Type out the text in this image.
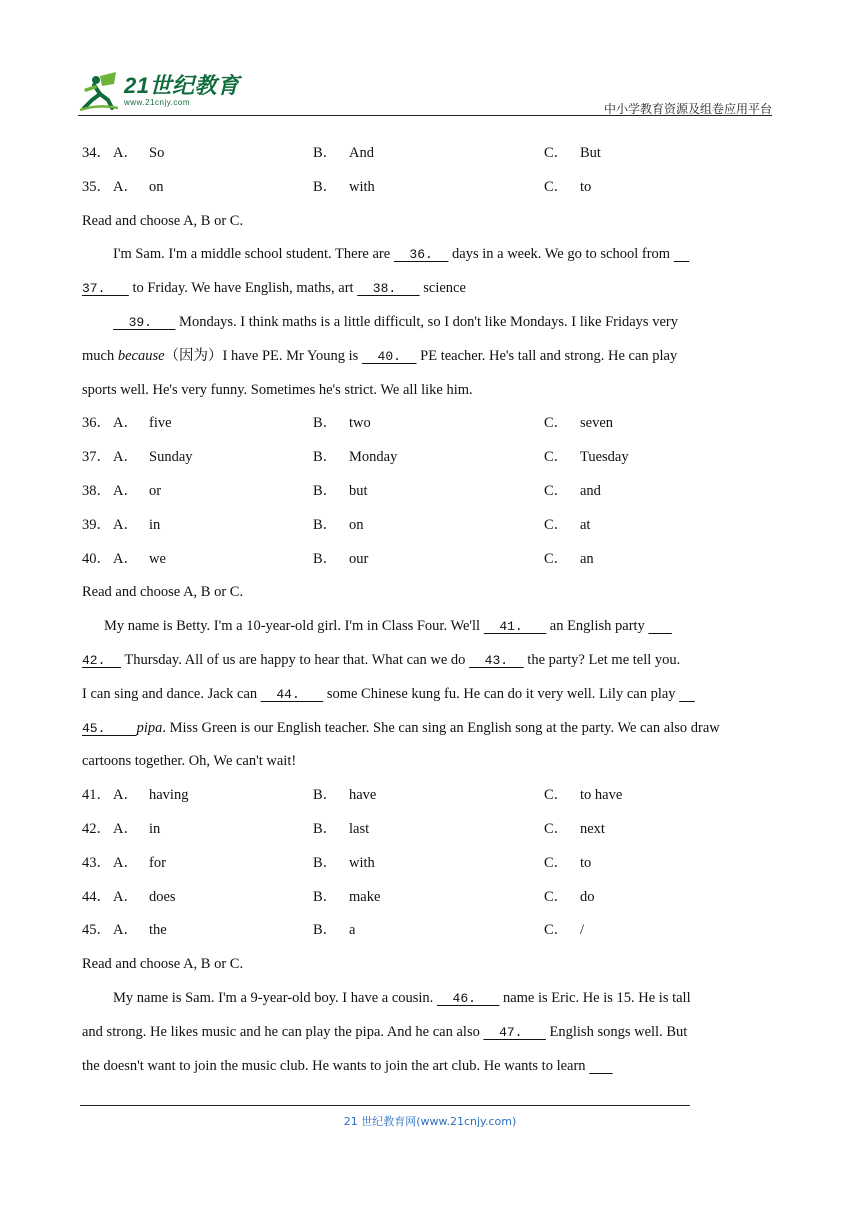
21世纪教育
www.21cnjy.com	中小学教育资源及组卷应用平台
34． A． So	B． And	C． But
35． A． on	B． with	C． to
Read and choose A, B or C.
I'm Sam. I'm a middle school student. There are   36.   days in a week. We go to school from
37.    to Friday. We have English, maths, art   38.    science
39.    Mondays. I think maths is a little difficult, so I don't like Mondays. I like Fridays very
much because（因为）I have PE. Mr Young is   40.   PE teacher. He's tall and strong. He can play
sports well. He's very funny. Sometimes he's strict. We all like him.
36． A． five	B． two	C． seven
37． A． Sunday	B． Monday	C． Tuesday
38． A． or	B． but	C． and
39． A． in	B． on	C． at
40． A． we	B． our	C． an
Read and choose A, B or C.
My name is Betty. I'm a 10-year-old girl. I'm in Class Four. We'll   41.    an English party
42.   Thursday. All of us are happy to hear that. What can we do   43.   the party? Let me tell you.
I can sing and dance. Jack can   44.    some Chinese kung fu. He can do it very well. Lily can play
45.    pipa. Miss Green is our English teacher. She can sing an English song at the party. We can also draw
cartoons together. Oh, We can't wait!
41． A． having	B． have	C． to have
42． A． in	B． last	C． next
43． A． for	B． with	C． to
44． A． does	B． make	C． do
45． A． the	B． a	C． /
Read and choose A, B or C.
My name is Sam. I'm a 9-year-old boy. I have a cousin.   46.    name is Eric. He is 15. He is tall
and strong. He likes music and he can play the pipa. And he can also   47.    English songs well. But
the doesn't want to join the music club. He wants to join the art club. He wants to learn
21 世纪教育网(www.21cnjy.com)
